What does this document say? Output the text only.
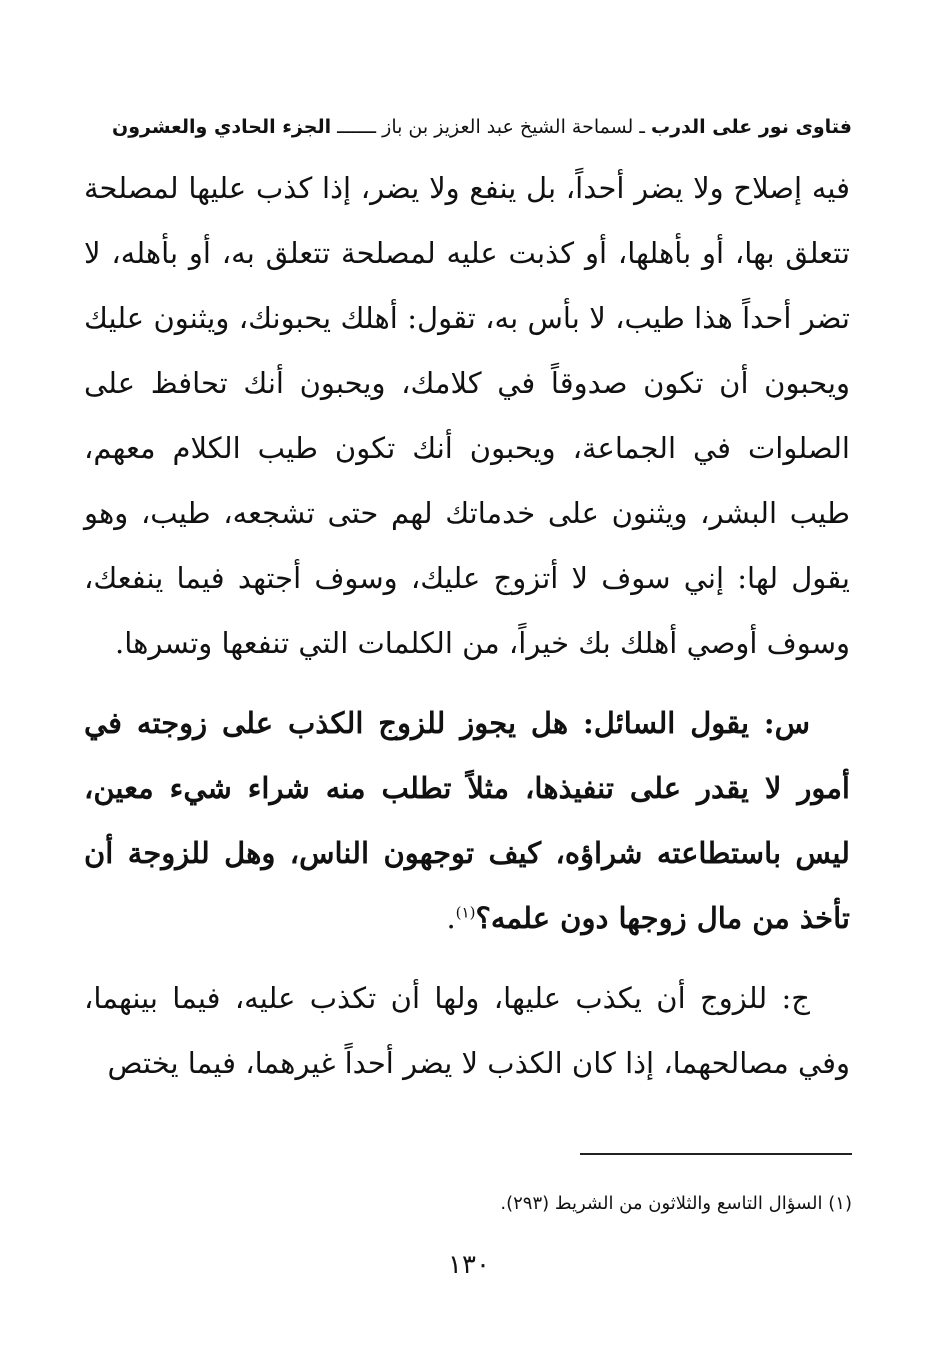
فتاوى نور على الدرب ـ لسماحة الشيخ عبد العزيز بن باز ـــــــ الجزء الحادي والعشرون

فيه إصلاح ولا يضر أحداً، بل ينفع ولا يضر، إذا كذب عليها لمصلحة تتعلق بها، أو بأهلها، أو كذبت عليه لمصلحة تتعلق به، أو بأهله، لا تضر أحداً هذا طيب، لا بأس به، تقول: أهلك يحبونك، ويثنون عليك ويحبون أن تكون صدوقاً في كلامك، ويحبون أنك تحافظ على الصلوات في الجماعة، ويحبون أنك تكون طيب الكلام معهم، طيب البشر، ويثنون على خدماتك لهم حتى تشجعه، طيب، وهو يقول لها: إني سوف لا أتزوج عليك، وسوف أجتهد فيما ينفعك، وسوف أوصي أهلك بك خيراً، من الكلمات التي تنفعها وتسرها.

س: يقول السائل: هل يجوز للزوج الكذب على زوجته في أمور لا يقدر على تنفيذها، مثلاً تطلب منه شراء شيء معين، ليس باستطاعته شراؤه، كيف توجهون الناس، وهل للزوجة أن تأخذ من مال زوجها دون علمه؟$^{(١)}$.

ج: للزوج أن يكذب عليها، ولها أن تكذب عليه، فيما بينهما، وفي مصالحهما، إذا كان الكذب لا يضر أحداً غيرهما، فيما يختص

(١) السؤال التاسع والثلاثون من الشريط (٢٩٣).
١٣٠
